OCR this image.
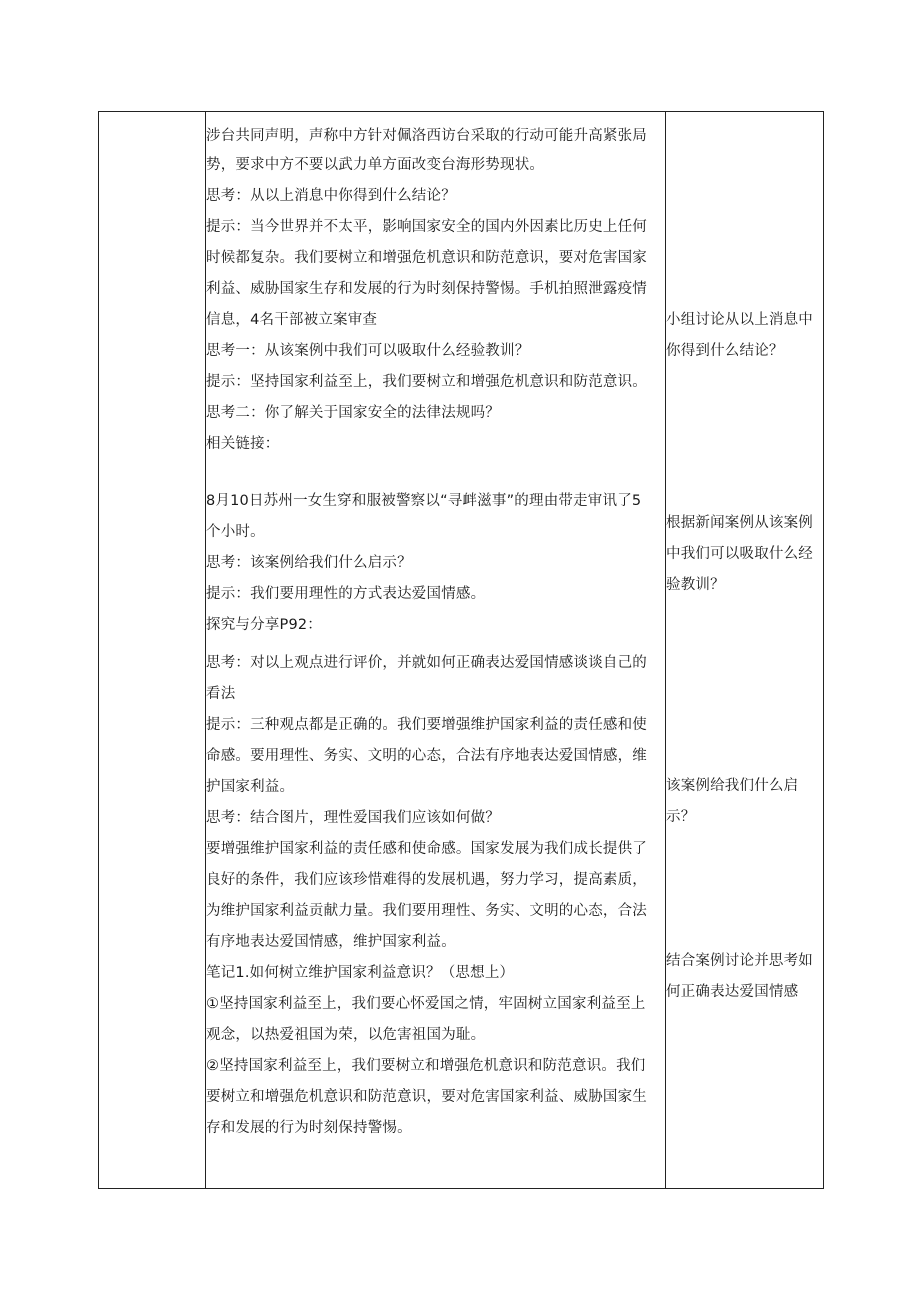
涉台共同声明，声称中方针对佩洛西访台采取的行动可能升高紧张局
势，要求中方不要以武力单方面改变台海形势现状。
思考：从以上消息中你得到什么结论？
提示：当今世界并不太平，影响国家安全的国内外因素比历史上任何
时候都复杂。我们要树立和增强危机意识和防范意识，要对危害国家
利益、威胁国家生存和发展的行为时刻保持警惕。手机拍照泄露疫情
信息，4名干部被立案审查
思考一：从该案例中我们可以吸取什么经验教训？
提示：坚持国家利益至上，我们要树立和增强危机意识和防范意识。
思考二：你了解关于国家安全的法律法规吗？
相关链接：
8月10日苏州一女生穿和服被警察以“寻衅滋事”的理由带走审讯了5
个小时。
思考：该案例给我们什么启示？
提示：我们要用理性的方式表达爱国情感。
探究与分享P92：
思考：对以上观点进行评价，并就如何正确表达爱国情感谈谈自己的
看法
提示：三种观点都是正确的。我们要增强维护国家利益的责任感和使
命感。要用理性、务实、文明的心态，合法有序地表达爱国情感，维
护国家利益。
思考：结合图片，理性爱国我们应该如何做？
要增强维护国家利益的责任感和使命感。国家发展为我们成长提供了
良好的条件，我们应该珍惜难得的发展机遇，努力学习，提高素质，
为维护国家利益贡献力量。我们要用理性、务实、文明的心态，合法
有序地表达爱国情感，维护国家利益。
笔记1.如何树立维护国家利益意识？（思想上）
①坚持国家利益至上，我们要心怀爱国之情，牢固树立国家利益至上
观念，以热爱祖国为荣，以危害祖国为耻。
②坚持国家利益至上，我们要树立和增强危机意识和防范意识。我们
要树立和增强危机意识和防范意识，要对危害国家利益、威胁国家生
存和发展的行为时刻保持警惕。
小组讨论从以上消息中
你得到什么结论？
根据新闻案例从该案例
中我们可以吸取什么经
验教训？
该案例给我们什么启
示？
结合案例讨论并思考如
何正确表达爱国情感
